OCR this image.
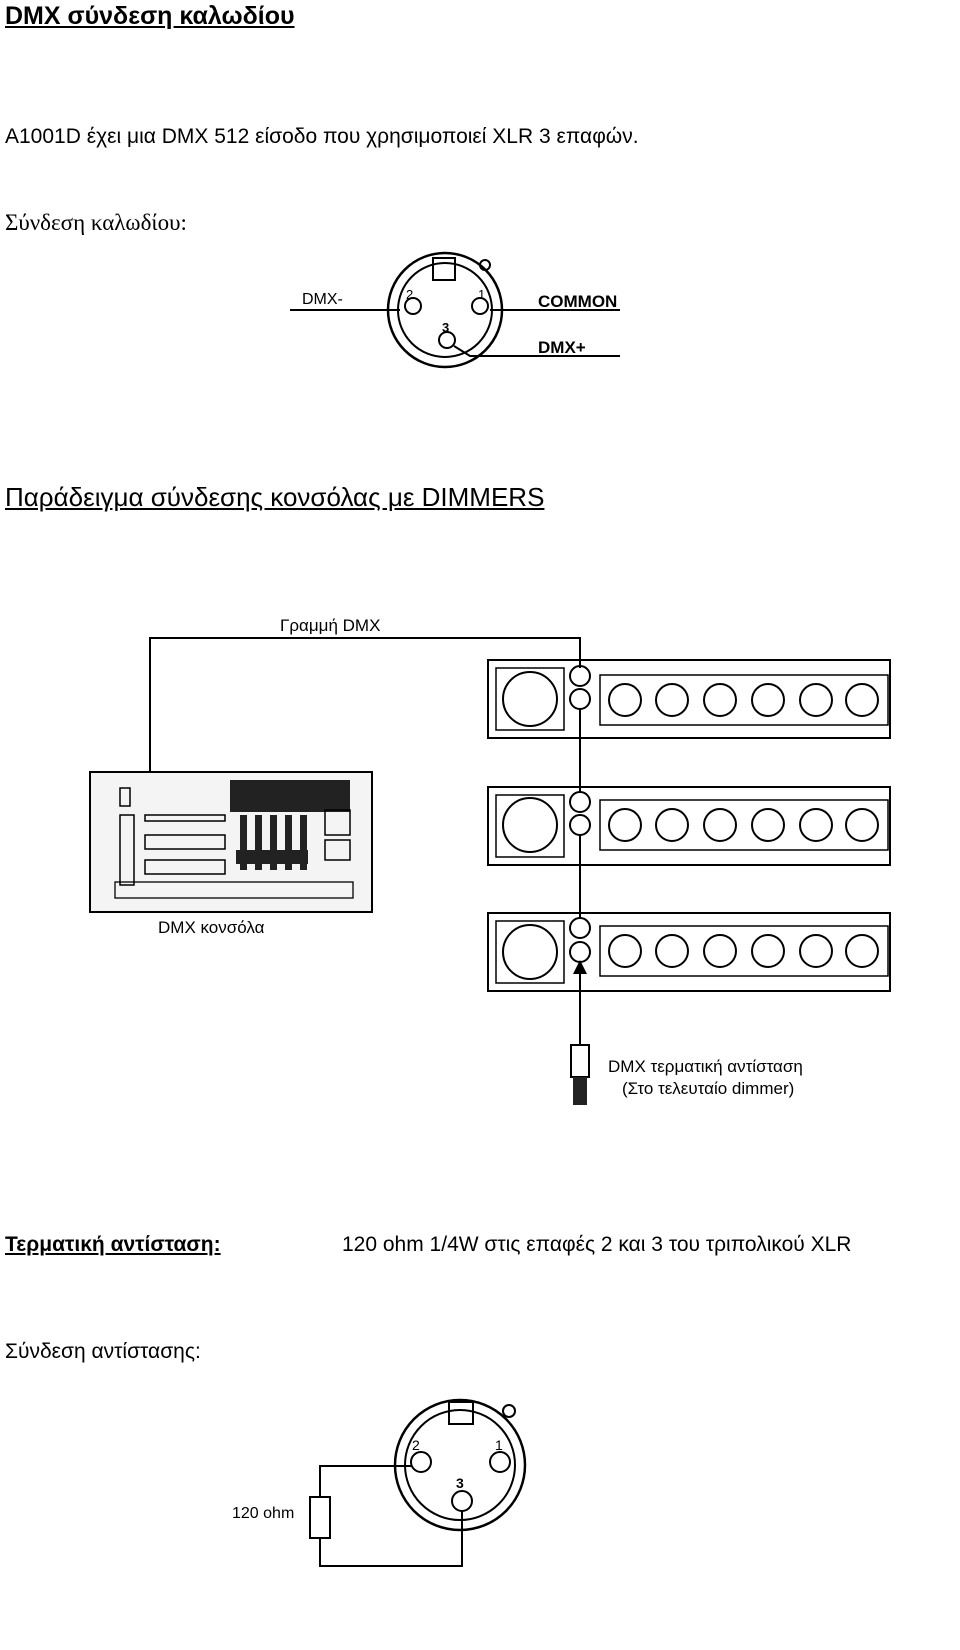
DMX σύνδεση καλωδίου
A1001D έχει μια DMX 512 είσοδο που χρησιμοποιεί XLR 3 επαφών.
Σύνδεση καλωδίου:
DMX-	COMMON
DMX+
2	1
3
Παράδειγμα σύνδεσης κονσόλας με DIMMERS
Γραμμή DMX
DMX κονσόλα
DMX τερματική αντίσταση
(Στο τελευταίο dimmer)
Τερματική αντίσταση:	120 ohm 1/4W στις επαφές 2 και 3 του τριπολικού XLR
Σύνδεση αντίστασης:
2	1
3
120 ohm
